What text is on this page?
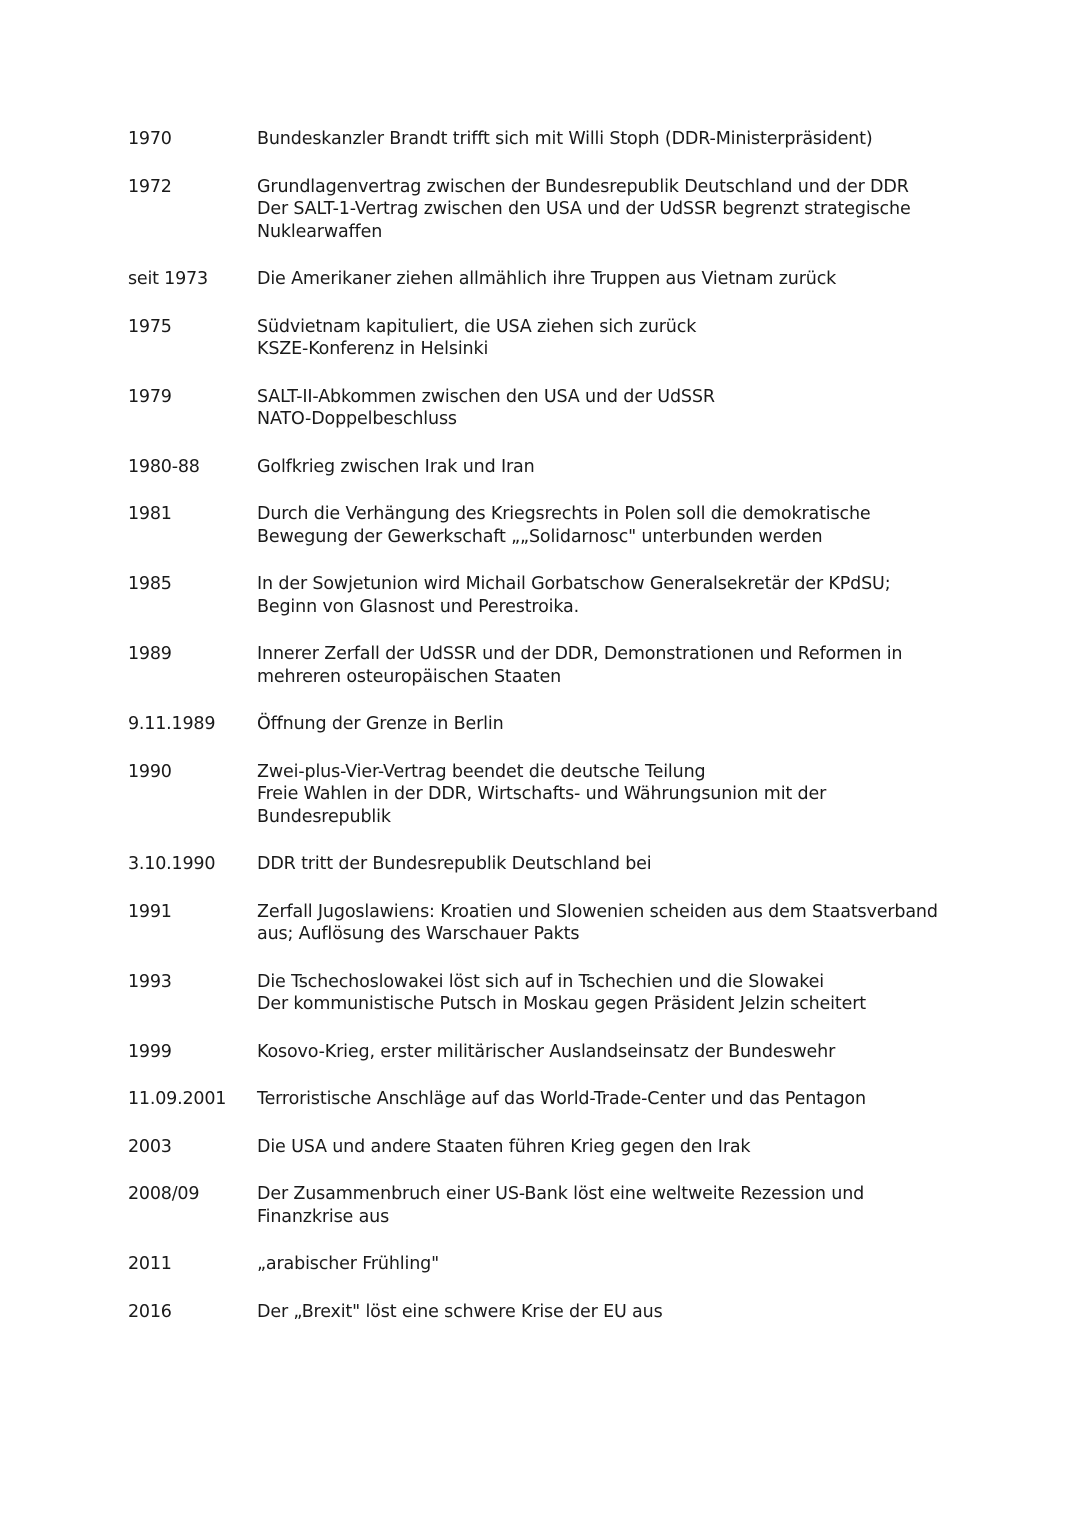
1970	Bundeskanzler Brandt trifft sich mit Willi Stoph (DDR-Ministerpräsident)
1972	Grundlagenvertrag zwischen der Bundesrepublik Deutschland und der DDR
Der SALT-1-Vertrag zwischen den USA und der UdSSR begrenzt strategische
Nuklearwaffen
seit 1973	Die Amerikaner ziehen allmählich ihre Truppen aus Vietnam zurück
1975	Südvietnam kapituliert, die USA ziehen sich zurück
KSZE-Konferenz in Helsinki
1979	SALT-II-Abkommen zwischen den USA und der UdSSR
NATO-Doppelbeschluss
1980-88	Golfkrieg zwischen Irak und Iran
1981	Durch die Verhängung des Kriegsrechts in Polen soll die demokratische
Bewegung der Gewerkschaft „„Solidarnosc" unterbunden werden
1985	In der Sowjetunion wird Michail Gorbatschow Generalsekretär der KPdSU;
Beginn von Glasnost und Perestroika.
1989	Innerer Zerfall der UdSSR und der DDR, Demonstrationen und Reformen in
mehreren osteuropäischen Staaten
9.11.1989	Öffnung der Grenze in Berlin
1990	Zwei-plus-Vier-Vertrag beendet die deutsche Teilung
Freie Wahlen in der DDR, Wirtschafts- und Währungsunion mit der
Bundesrepublik
3.10.1990	DDR tritt der Bundesrepublik Deutschland bei
1991	Zerfall Jugoslawiens: Kroatien und Slowenien scheiden aus dem Staatsverband
aus; Auflösung des Warschauer Pakts
1993	Die Tschechoslowakei löst sich auf in Tschechien und die Slowakei
Der kommunistische Putsch in Moskau gegen Präsident Jelzin scheitert
1999	Kosovo-Krieg, erster militärischer Auslandseinsatz der Bundeswehr
11.09.2001	Terroristische Anschläge auf das World-Trade-Center und das Pentagon
2003	Die USA und andere Staaten führen Krieg gegen den Irak
2008/09	Der Zusammenbruch einer US-Bank löst eine weltweite Rezession und
Finanzkrise aus
2011	„arabischer Frühling"
2016	Der „Brexit" löst eine schwere Krise der EU aus
